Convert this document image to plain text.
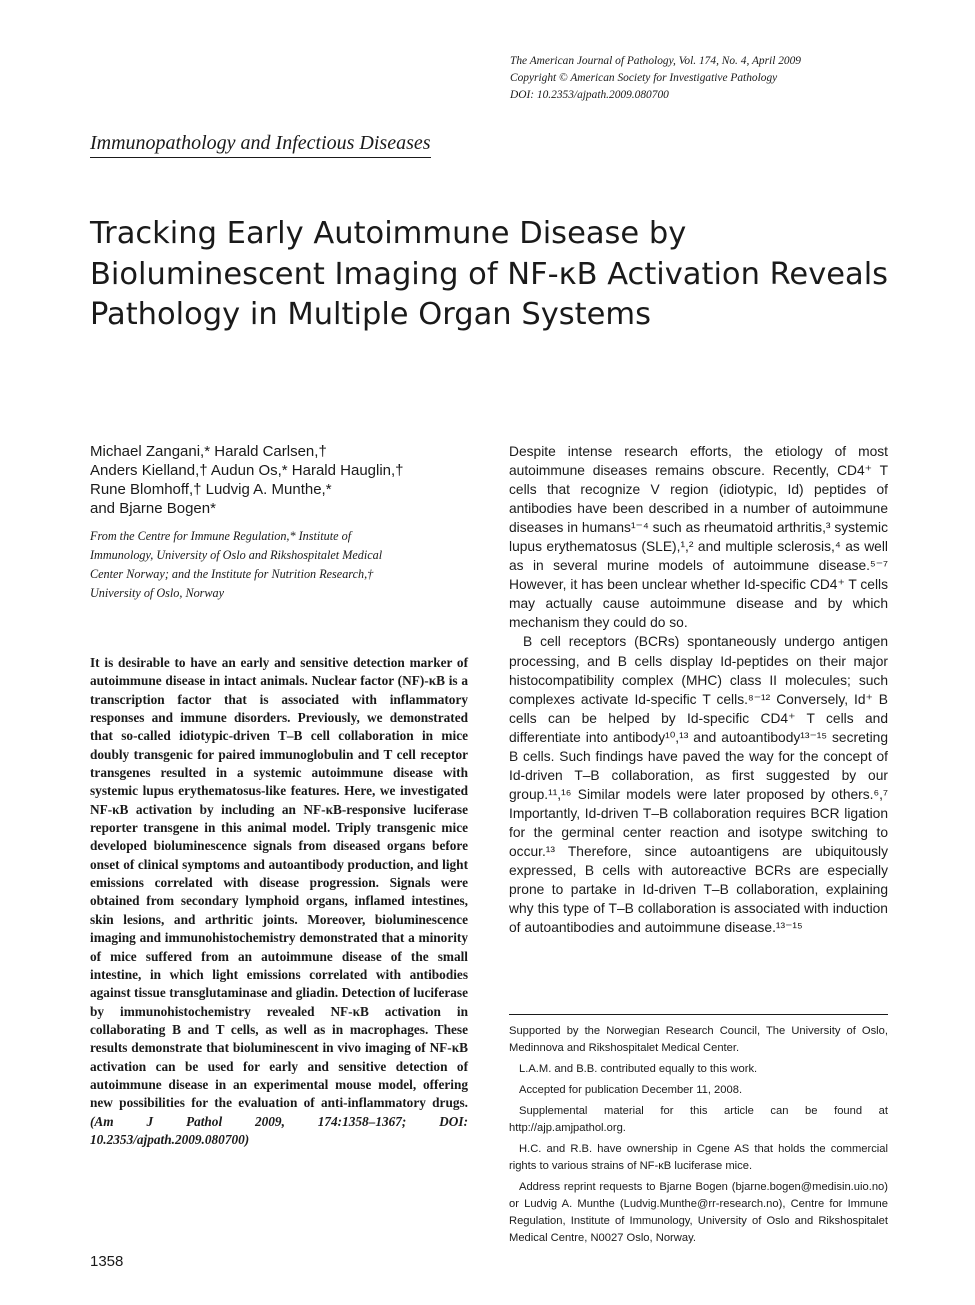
The American Journal of Pathology, Vol. 174, No. 4, April 2009
Copyright © American Society for Investigative Pathology
DOI: 10.2353/ajpath.2009.080700
Immunopathology and Infectious Diseases
Tracking Early Autoimmune Disease by
Bioluminescent Imaging of NF-κB Activation Reveals
Pathology in Multiple Organ Systems
Michael Zangani,* Harald Carlsen,†
Anders Kielland,† Audun Os,* Harald Hauglin,†
Rune Blomhoff,† Ludvig A. Munthe,*
and Bjarne Bogen*
From the Centre for Immune Regulation,* Institute of
Immunology, University of Oslo and Rikshospitalet Medical
Center Norway; and the Institute for Nutrition Research,†
University of Oslo, Norway
It is desirable to have an early and sensitive detection marker of autoimmune disease in intact animals. Nuclear factor (NF)-κB is a transcription factor that is associated with inflammatory responses and immune disorders. Previously, we demonstrated that so-called idiotypic-driven T–B cell collaboration in mice doubly transgenic for paired immunoglobulin and T cell receptor transgenes resulted in a systemic autoimmune disease with systemic lupus erythematosus-like features. Here, we investigated NF-κB activation by including an NF-κB-responsive luciferase reporter transgene in this animal model. Triply transgenic mice developed bioluminescence signals from diseased organs before onset of clinical symptoms and autoantibody production, and light emissions correlated with disease progression. Signals were obtained from secondary lymphoid organs, inflamed intestines, skin lesions, and arthritic joints. Moreover, bioluminescence imaging and immunohistochemistry demonstrated that a minority of mice suffered from an autoimmune disease of the small intestine, in which light emissions correlated with antibodies against tissue transglutaminase and gliadin. Detection of luciferase by immunohistochemistry revealed NF-κB activation in collaborating B and T cells, as well as in macrophages. These results demonstrate that bioluminescent in vivo imaging of NF-κB activation can be used for early and sensitive detection of autoimmune disease in an experimental mouse model, offering new possibilities for the evaluation of anti-inflammatory drugs. (Am J Pathol 2009, 174:1358–1367; DOI: 10.2353/ajpath.2009.080700)

Despite intense research efforts, the etiology of most autoimmune diseases remains obscure. Recently, CD4⁺ T cells that recognize V region (idiotypic, Id) peptides of antibodies have been described in a number of autoimmune diseases in humans¹⁻⁴ such as rheumatoid arthritis,³ systemic lupus erythematosus (SLE),¹,² and multiple sclerosis,⁴ as well as in several murine models of autoimmune disease.⁵⁻⁷ However, it has been unclear whether Id-specific CD4⁺ T cells may actually cause autoimmune disease and by which mechanism they could do so.

B cell receptors (BCRs) spontaneously undergo antigen processing, and B cells display Id-peptides on their major histocompatibility complex (MHC) class II molecules; such complexes activate Id-specific T cells.⁸⁻¹² Conversely, Id⁺ B cells can be helped by Id-specific CD4⁺ T cells and differentiate into antibody¹⁰,¹³ and autoantibody¹³⁻¹⁵ secreting B cells. Such findings have paved the way for the concept of Id-driven T–B collaboration, as first suggested by our group.¹¹,¹⁶ Similar models were later proposed by others.⁶,⁷ Importantly, Id-driven T–B collaboration requires BCR ligation for the germinal center reaction and isotype switching to occur.¹³ Therefore, since autoantigens are ubiquitously expressed, B cells with autoreactive BCRs are especially prone to partake in Id-driven T–B collaboration, explaining why this type of T–B collaboration is associated with induction of autoantibodies and autoimmune disease.¹³⁻¹⁵

Supported by the Norwegian Research Council, The University of Oslo, Medinnova and Rikshospitalet Medical Center.

L.A.M. and B.B. contributed equally to this work.

Accepted for publication December 11, 2008.

Supplemental material for this article can be found at http://ajp.amjpathol.org.

H.C. and R.B. have ownership in Cgene AS that holds the commercial rights to various strains of NF-κB luciferase mice.

Address reprint requests to Bjarne Bogen (bjarne.bogen@medisin.uio.no) or Ludvig A. Munthe (Ludvig.Munthe@rr-research.no), Centre for Immune Regulation, Institute of Immunology, University of Oslo and Rikshospitalet Medical Centre, N0027 Oslo, Norway.

1358
